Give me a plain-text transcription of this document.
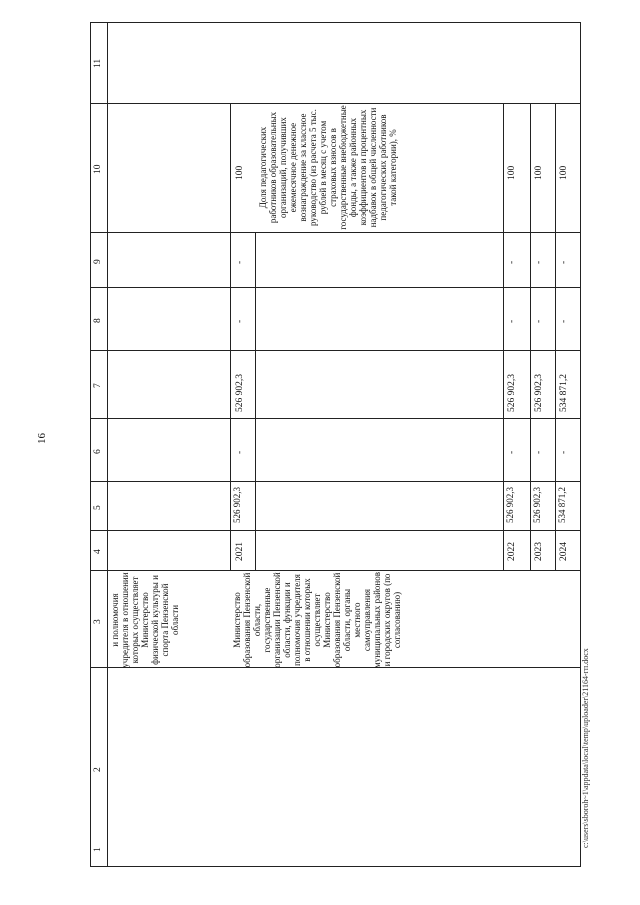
16
c:\users\sboroh~1\appdata\local\temp\uploader\21164-гп.docx
11
10
9
8
7
6
5
4
3
2
1
и полномочия учредителя в отношении которых осуществляет Министерство физической культуры и спорта Пензенской области	Министерство образования Пензенской области, государственные организации Пензенской области, функции и полномочия учредителя в отношении которых осуществляет Министерство образования Пензенской области, органы местного самоуправления муниципальных районов и городских округов (по согласованию)
2021
526 902,3
-
526 902,3
-
-
100 Доля педагогических работников образовательных организаций, получивших ежемесячное денежное вознаграждение за классное руководство (из расчета 5 тыс. рублей в месяц с учетом страховых взносов в государственные внебюджетные фонды, а также районных коэффициентов и процентных надбавок в общей численности педагогических работников такой категории), %
2022
526 902,3
-
526 902,3
-
-
100
2023
526 902,3
-
526 902,3
-
-
100
2024
534 871,2
-
534 871,2
-
-
100
